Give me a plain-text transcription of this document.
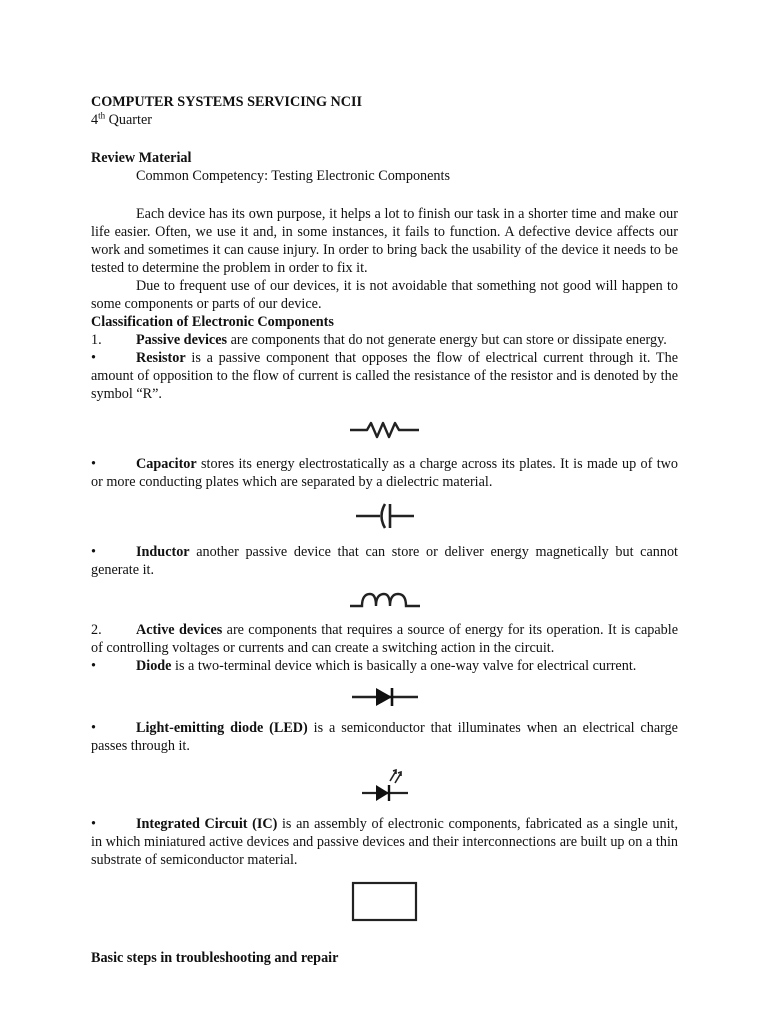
COMPUTER SYSTEMS SERVICING NCII

4th Quarter

Review Material

Common Competency: Testing Electronic Components

Each device has its own purpose, it helps a lot to finish our task in a shorter time and make our life easier. Often, we use it and, in some instances, it fails to function. A defective device affects our work and sometimes it can cause injury. In order to bring back the usability of the device it needs to be tested to determine the problem in order to fix it.

Due to frequent use of our devices, it is not avoidable that something not good will happen to some components or parts of our device.

Classification of Electronic Components

1. Passive devices are components that do not generate energy but can store or dissipate energy.

•	Resistor is a passive component that opposes the flow of electrical current through it. The amount of opposition to the flow of current is called the resistance of the resistor and is denoted by the symbol “R”.

•	Capacitor stores its energy electrostatically as a charge across its plates. It is made up of two or more conducting plates which are separated by a dielectric material.

•	Inductor another passive device that can store or deliver energy magnetically but cannot generate it.

2. Active devices are components that requires a source of energy for its operation. It is capable of controlling voltages or currents and can create a switching action in the circuit.

•	Diode is a two-terminal device which is basically a one-way valve for electrical current.

•	Light-emitting diode (LED) is a semiconductor that illuminates when an electrical charge passes through it.

•	Integrated Circuit (IC) is an assembly of electronic components, fabricated as a single unit, in which miniatured active devices and passive devices and their interconnections are built up on a thin substrate of semiconductor material.

Basic steps in troubleshooting and repair
